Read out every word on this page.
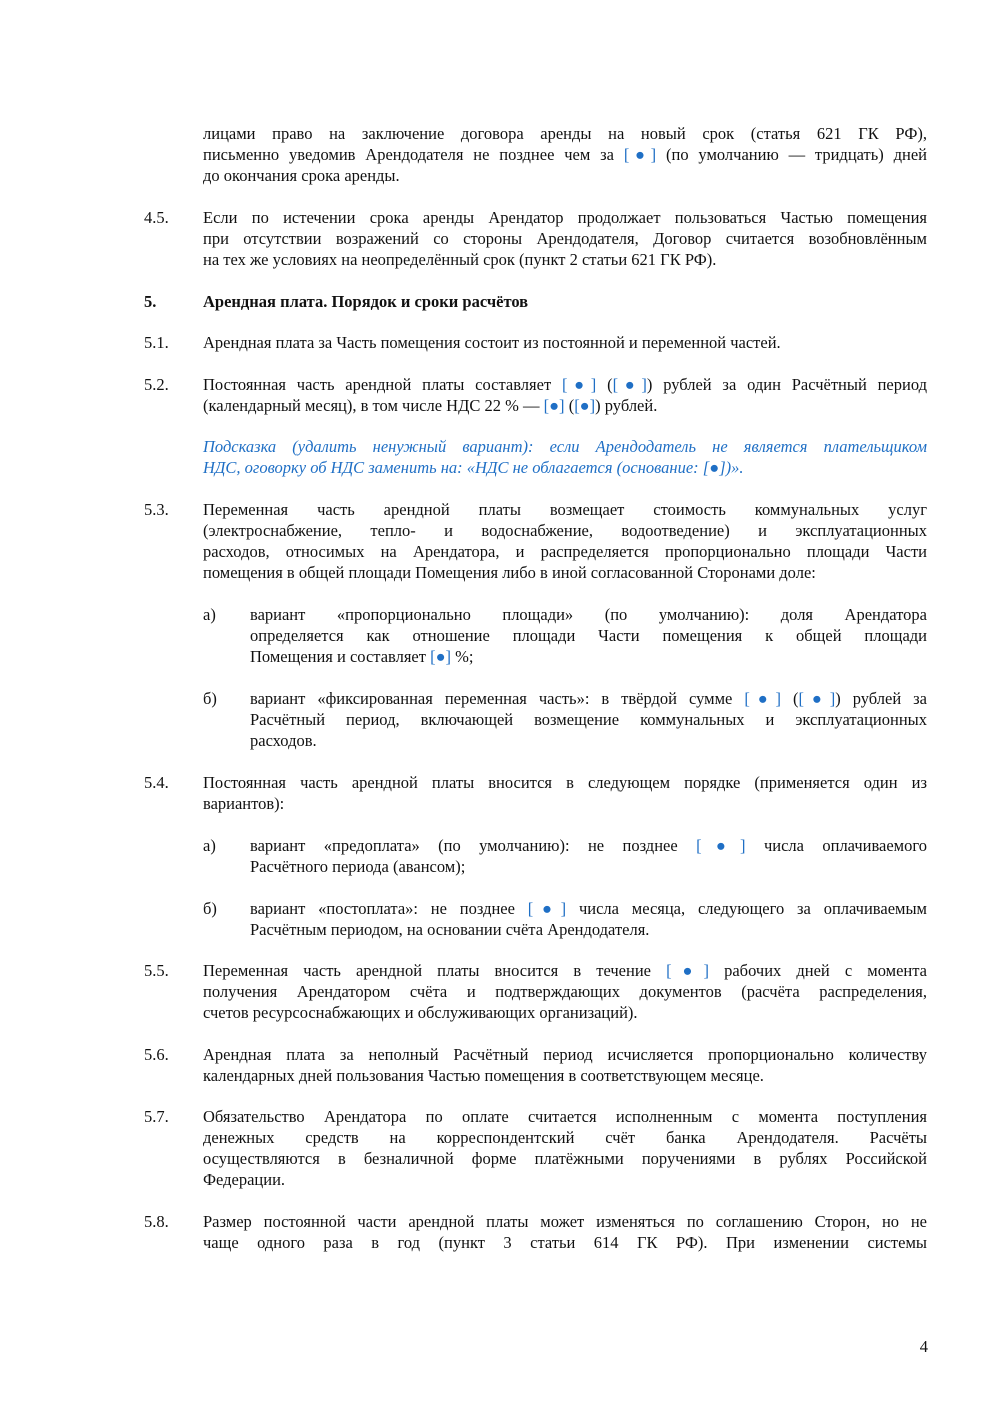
лицами право на заключение договора аренды на новый срок (статья 621 ГК РФ),
письменно уведомив Арендодателя не позднее чем за [●] (по умолчанию — тридцать) дней
до окончания срока аренды.
4.5. Если по истечении срока аренды Арендатор продолжает пользоваться Частью помещения
при отсутствии возражений со стороны Арендодателя, Договор считается возобновлённым
на тех же условиях на неопределённый срок (пункт 2 статьи 621 ГК РФ).
5.	Арендная плата. Порядок и сроки расчётов
5.1. Арендная плата за Часть помещения состоит из постоянной и переменной частей.
5.2. Постоянная часть арендной платы составляет [●] ([●]) рублей за один Расчётный период
(календарный месяц), в том числе НДС 22 % — [●] ([●]) рублей.
Подсказка (удалить ненужный вариант): если Арендодатель не является плательщиком
НДС, оговорку об НДС заменить на: «НДС не облагается (основание: [●])».
5.3. Переменная часть арендной платы возмещает стоимость коммунальных услуг
(электроснабжение, тепло- и водоснабжение, водоотведение) и эксплуатационных
расходов, относимых на Арендатора, и распределяется пропорционально площади Части
помещения в общей площади Помещения либо в иной согласованной Сторонами доле:
а) вариант «пропорционально площади» (по умолчанию): доля Арендатора
определяется как отношение площади Части помещения к общей площади
Помещения и составляет [●] %;
б) вариант «фиксированная переменная часть»: в твёрдой сумме [●] ([●]) рублей за
Расчётный период, включающей возмещение коммунальных и эксплуатационных
расходов.
5.4. Постоянная часть арендной платы вносится в следующем порядке (применяется один из
вариантов):
а) вариант «предоплата» (по умолчанию): не позднее [●] числа оплачиваемого
Расчётного периода (авансом);
б) вариант «постоплата»: не позднее [●] числа месяца, следующего за оплачиваемым
Расчётным периодом, на основании счёта Арендодателя.
5.5. Переменная часть арендной платы вносится в течение [●] рабочих дней с момента
получения Арендатором счёта и подтверждающих документов (расчёта распределения,
счетов ресурсоснабжающих и обслуживающих организаций).
5.6. Арендная плата за неполный Расчётный период исчисляется пропорционально количеству
календарных дней пользования Частью помещения в соответствующем месяце.
5.7. Обязательство Арендатора по оплате считается исполненным с момента поступления
денежных средств на корреспондентский счёт банка Арендодателя. Расчёты
осуществляются в безналичной форме платёжными поручениями в рублях Российской
Федерации.
5.8. Размер постоянной части арендной платы может изменяться по соглашению Сторон, но не
чаще одного раза в год (пункт 3 статьи 614 ГК РФ). При изменении системы
4
